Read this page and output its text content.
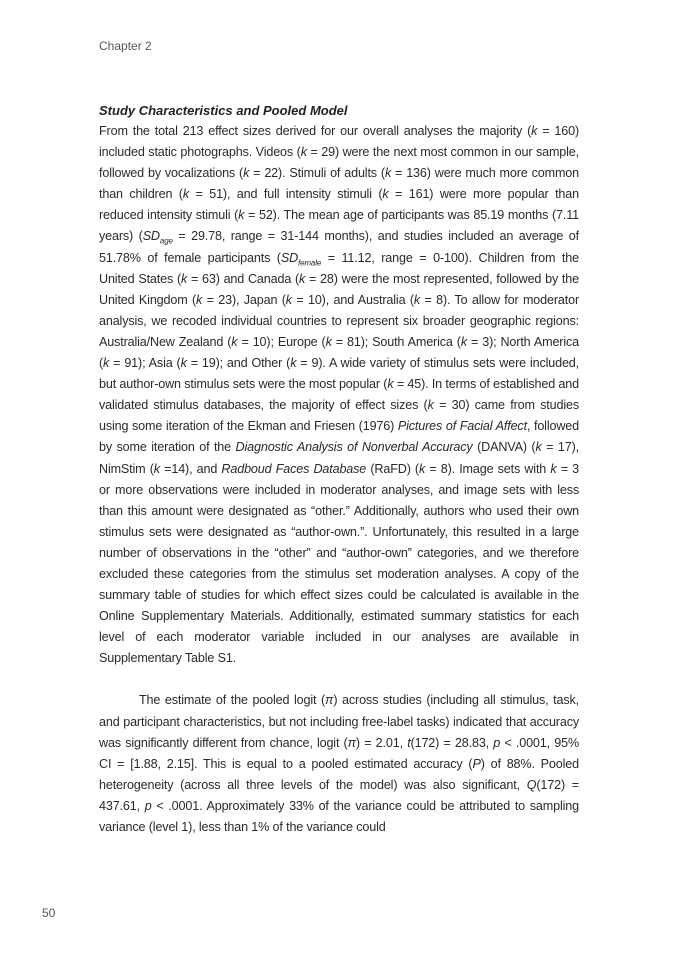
Chapter 2
Study Characteristics and Pooled Model

From the total 213 effect sizes derived for our overall analyses the majority (k = 160) included static photographs. Videos (k = 29) were the next most common in our sample, followed by vocalizations (k = 22). Stimuli of adults (k = 136) were much more common than children (k = 51), and full intensity stimuli (k = 161) were more popular than reduced intensity stimuli (k = 52). The mean age of participants was 85.19 months (7.11 years) ($SD_{age} = 29.78$, range = 31-144 months), and studies included an average of 51.78% of female participants ($SD_{female} = 11.12$, range = 0-100). Children from the United States (k = 63) and Canada (k = 28) were the most represented, followed by the United Kingdom (k = 23), Japan (k = 10), and Australia (k = 8). To allow for moderator analysis, we recoded individual countries to represent six broader geographic regions: Australia/New Zealand (k = 10); Europe (k = 81); South America (k = 3); North America (k = 91); Asia (k = 19); and Other (k = 9). A wide variety of stimulus sets were included, but author-own stimulus sets were the most popular (k = 45). In terms of established and validated stimulus databases, the majority of effect sizes (k = 30) came from studies using some iteration of the Ekman and Friesen (1976) Pictures of Facial Affect, followed by some iteration of the Diagnostic Analysis of Nonverbal Accuracy (DANVA) (k = 17), NimStim (k =14), and Radboud Faces Database (RaFD) (k = 8). Image sets with k = 3 or more observations were included in moderator analyses, and image sets with less than this amount were designated as “other.” Additionally, authors who used their own stimulus sets were designated as “author-own.”. Unfortunately, this resulted in a large number of observations in the “other” and “author-own” categories, and we therefore excluded these categories from the stimulus set moderation analyses. A copy of the summary table of studies for which effect sizes could be calculated is available in the Online Supplementary Materials. Additionally, estimated summary statistics for each level of each moderator variable included in our analyses are available in Supplementary Table S1.

The estimate of the pooled logit (π) across studies (including all stimulus, task, and participant characteristics, but not including free-label tasks) indicated that accuracy was significantly different from chance, logit (π) = 2.01, t(172) = 28.83, p < .0001, 95% CI = [1.88, 2.15]. This is equal to a pooled estimated accuracy (P) of 88%. Pooled heterogeneity (across all three levels of the model) was also significant, Q(172) = 437.61, p < .0001. Approximately 33% of the variance could be attributed to sampling variance (level 1), less than 1% of the variance could

50
